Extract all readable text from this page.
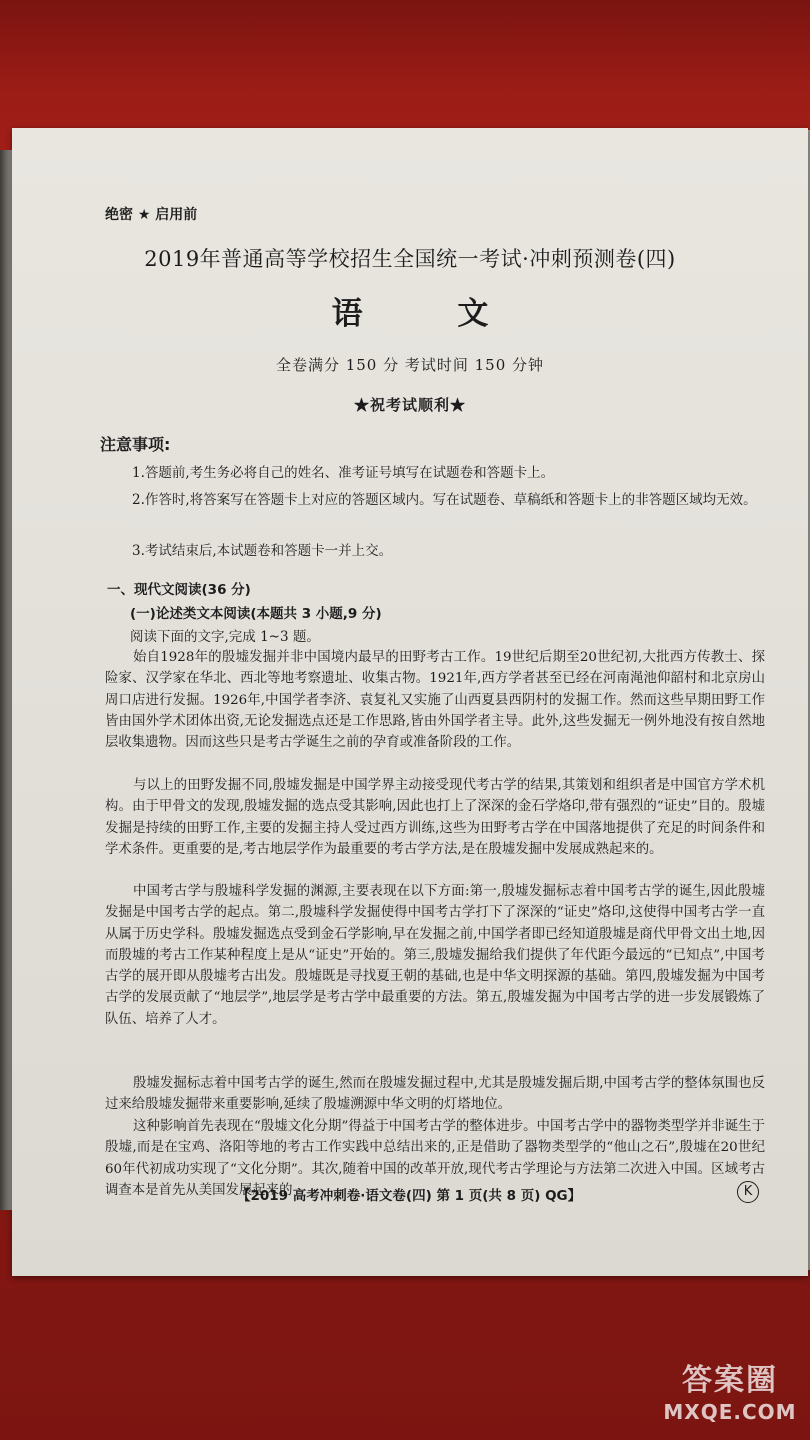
绝密 ★ 启用前
2019年普通高等学校招生全国统一考试·冲刺预测卷(四)
语 文
全卷满分 150 分 考试时间 150 分钟
★祝考试顺利★
注意事项:
1.答题前,考生务必将自己的姓名、准考证号填写在试题卷和答题卡上。
2.作答时,将答案写在答题卡上对应的答题区域内。写在试题卷、草稿纸和答题卡上的非答题区域均无效。
3.考试结束后,本试题卷和答题卡一并上交。
一、现代文阅读(36 分)
(一)论述类文本阅读(本题共 3 小题,9 分)
阅读下面的文字,完成 1~3 题。

始自1928年的殷墟发掘并非中国境内最早的田野考古工作。19世纪后期至20世纪初,大批西方传教士、探险家、汉学家在华北、西北等地考察遗址、收集古物。1921年,西方学者甚至已经在河南渑池仰韶村和北京房山周口店进行发掘。1926年,中国学者李济、袁复礼又实施了山西夏县西阴村的发掘工作。然而这些早期田野工作皆由国外学术团体出资,无论发掘选点还是工作思路,皆由外国学者主导。此外,这些发掘无一例外地没有按自然地层收集遗物。因而这些只是考古学诞生之前的孕育或准备阶段的工作。

与以上的田野发掘不同,殷墟发掘是中国学界主动接受现代考古学的结果,其策划和组织者是中国官方学术机构。由于甲骨文的发现,殷墟发掘的选点受其影响,因此也打上了深深的金石学烙印,带有强烈的“证史”目的。殷墟发掘是持续的田野工作,主要的发掘主持人受过西方训练,这些为田野考古学在中国落地提供了充足的时间条件和学术条件。更重要的是,考古地层学作为最重要的考古学方法,是在殷墟发掘中发展成熟起来的。

中国考古学与殷墟科学发掘的渊源,主要表现在以下方面:第一,殷墟发掘标志着中国考古学的诞生,因此殷墟发掘是中国考古学的起点。第二,殷墟科学发掘使得中国考古学打下了深深的“证史”烙印,这使得中国考古学一直从属于历史学科。殷墟发掘选点受到金石学影响,早在发掘之前,中国学者即已经知道殷墟是商代甲骨文出土地,因而殷墟的考古工作某种程度上是从“证史”开始的。第三,殷墟发掘给我们提供了年代距今最远的“已知点”,中国考古学的展开即从殷墟考古出发。殷墟既是寻找夏王朝的基础,也是中华文明探源的基础。第四,殷墟发掘为中国考古学的发展贡献了“地层学”,地层学是考古学中最重要的方法。第五,殷墟发掘为中国考古学的进一步发展锻炼了队伍、培养了人才。

殷墟发掘标志着中国考古学的诞生,然而在殷墟发掘过程中,尤其是殷墟发掘后期,中国考古学的整体氛围也反过来给殷墟发掘带来重要影响,延续了殷墟溯源中华文明的灯塔地位。

这种影响首先表现在“殷墟文化分期”得益于中国考古学的整体进步。中国考古学中的器物类型学并非诞生于殷墟,而是在宝鸡、洛阳等地的考古工作实践中总结出来的,正是借助了器物类型学的“他山之石”,殷墟在20世纪60年代初成功实现了“文化分期”。其次,随着中国的改革开放,现代考古学理论与方法第二次进入中国。区域考古调查本是首先从美国发展起来的

【2019 高考冲刺卷·语文卷(四) 第 1 页(共 8 页) QG】	K
答案圈
MXQE.COM
